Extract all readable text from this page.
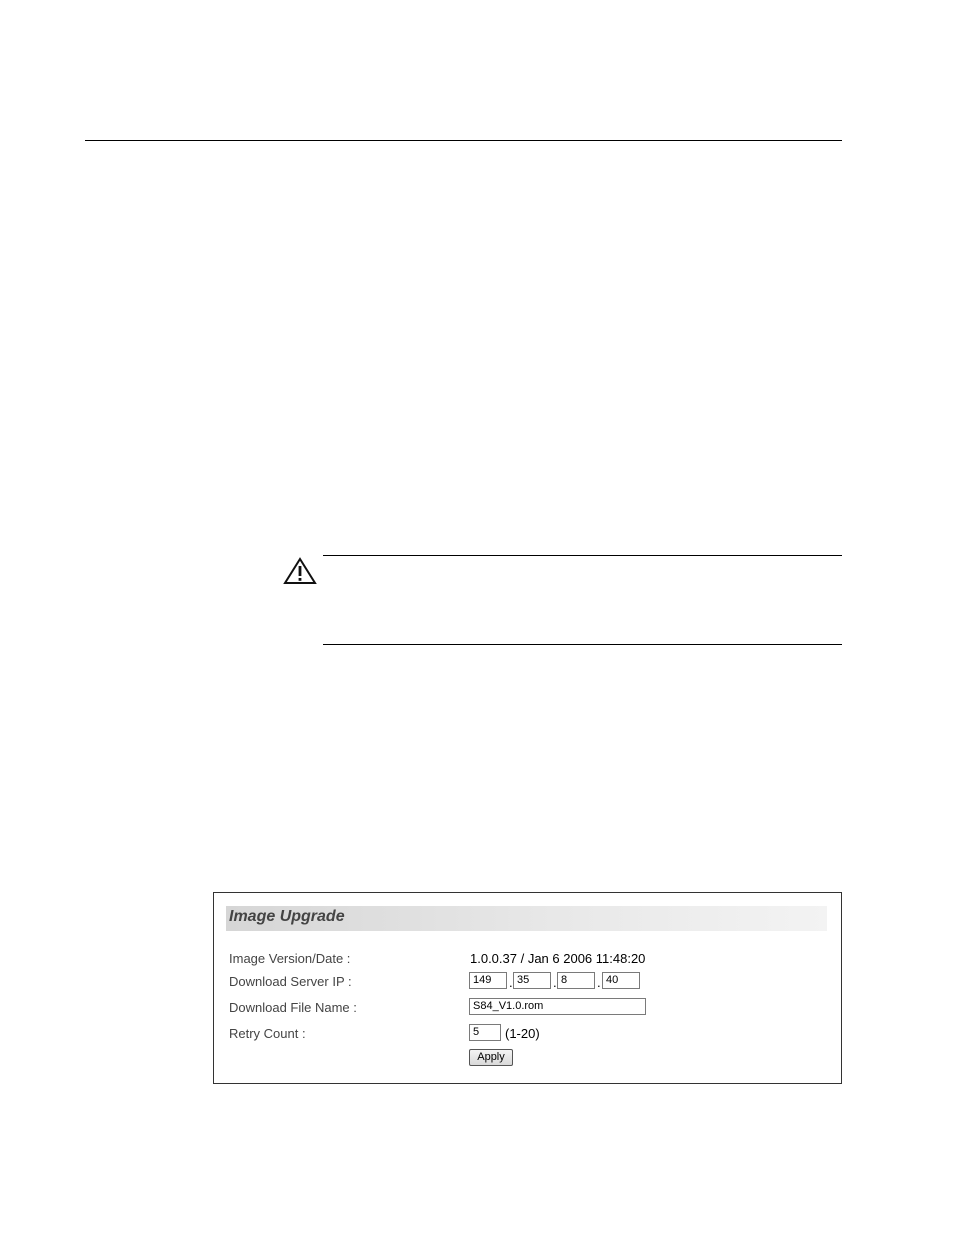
Image Upgrade
Image Version/Date :	1.0.0.37 / Jan 6 2006 11:48:20
Download Server IP :	149	. 35	. 8	. 40
Download File Name :	S84_V1.0.rom
Retry Count :	5	(1-20)
Apply
